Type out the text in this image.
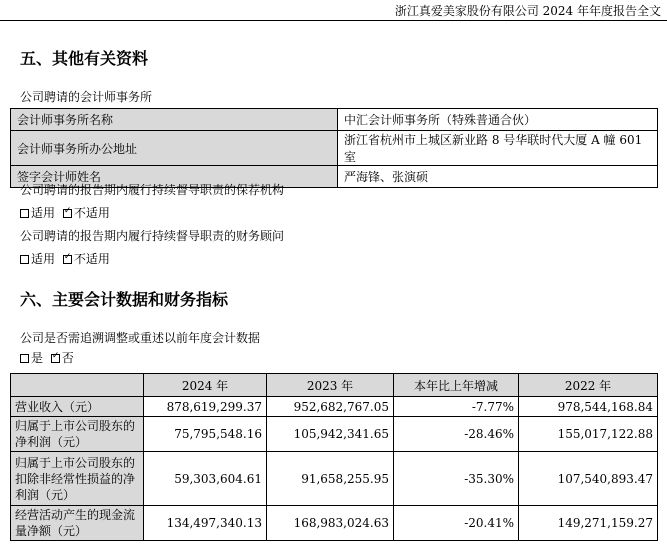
浙江真爱美家股份有限公司 2024 年年度报告全文
五、其他有关资料
公司聘请的会计师事务所
会计师事务所名称	中汇会计师事务所（特殊普通合伙）
会计师事务所办公地址	浙江省杭州市上城区新业路 8 号华联时代大厦 A 幢 601 室
签字会计师姓名	严海锋、张演硕
公司聘请的报告期内履行持续督导职责的保荐机构
适用 ✓ 不适用
公司聘请的报告期内履行持续督导职责的财务顾问
适用 ✓ 不适用
六、主要会计数据和财务指标
公司是否需追溯调整或重述以前年度会计数据
是 ✓ 否
	2024 年	2023 年	本年比上年增减	2022 年
营业收入（元）	878,619,299.37	952,682,767.05	-7.77%	978,544,168.84
归属于上市公司股东的净利润（元）	75,795,548.16	105,942,341.65	-28.46%	155,017,122.88
归属于上市公司股东的扣除非经常性损益的净利润（元）	59,303,604.61	91,658,255.95	-35.30%	107,540,893.47
经营活动产生的现金流量净额（元）	134,497,340.13	168,983,024.63	-20.41%	149,271,159.27
